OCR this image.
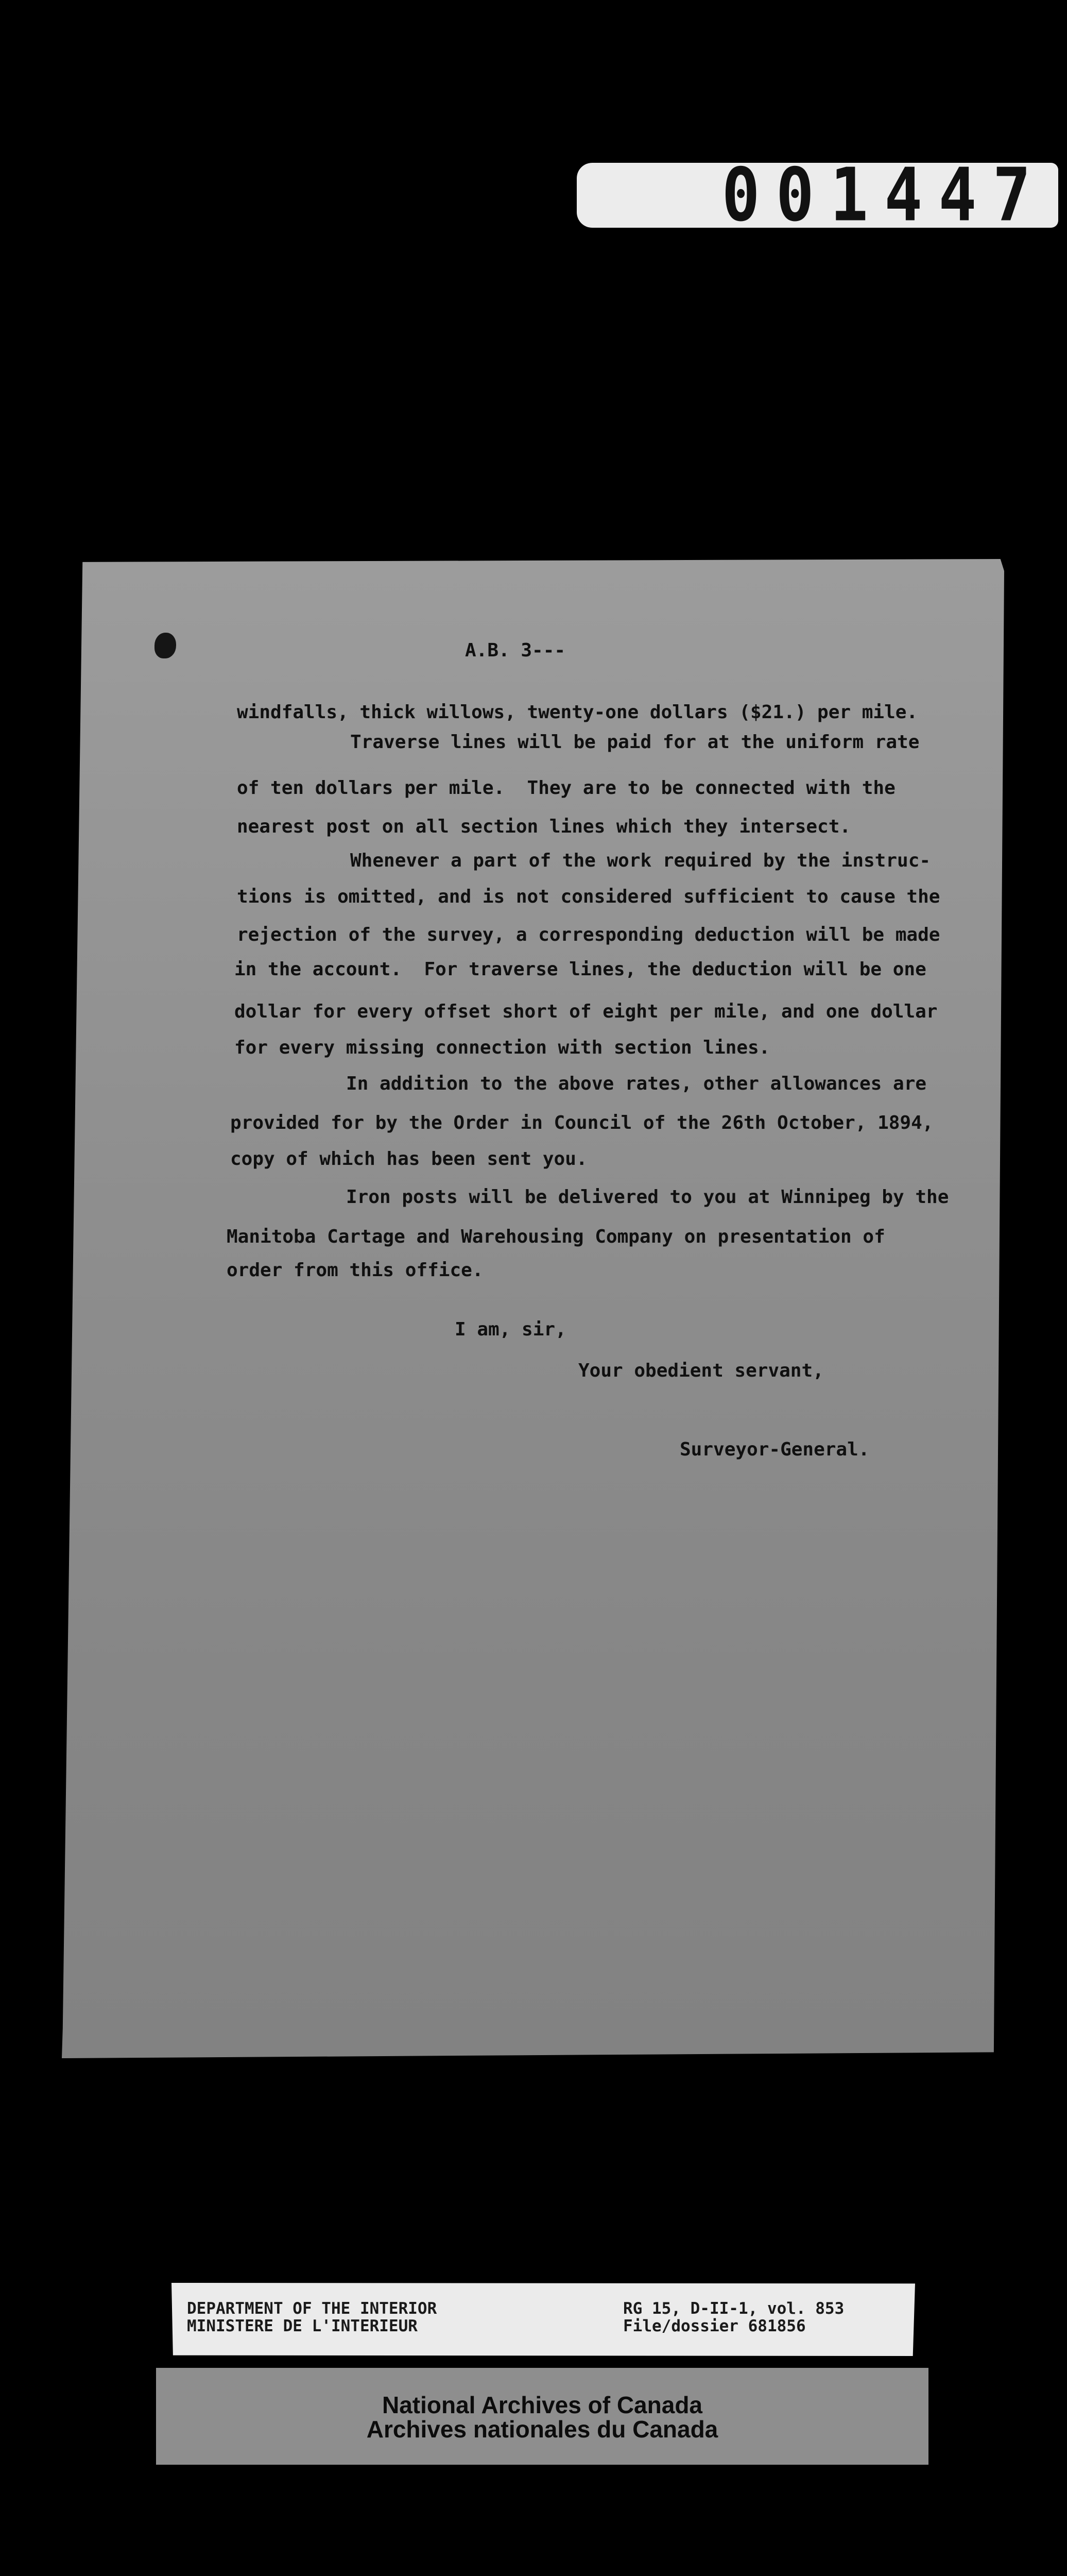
001447
A.B. 3---
windfalls, thick willows, twenty-one dollars ($21.) per mile.
Traverse lines will be paid for at the uniform rate
of ten dollars per mile.  They are to be connected with the
nearest post on all section lines which they intersect.
Whenever a part of the work required by the instruc-
tions is omitted, and is not considered sufficient to cause the
rejection of the survey, a corresponding deduction will be made
in the account.  For traverse lines, the deduction will be one
dollar for every offset short of eight per mile, and one dollar
for every missing connection with section lines.
In addition to the above rates, other allowances are
provided for by the Order in Council of the 26th October, 1894,
copy of which has been sent you.
Iron posts will be delivered to you at Winnipeg by the
Manitoba Cartage and Warehousing Company on presentation of
order from this office.
I am, sir,
Your obedient servant,
Surveyor-General.
DEPARTMENT OF THE INTERIOR
MINISTERE DE L'INTERIEUR
RG 15, D-II-1, vol. 853
File/dossier 681856
National Archives of Canada
Archives nationales du Canada
